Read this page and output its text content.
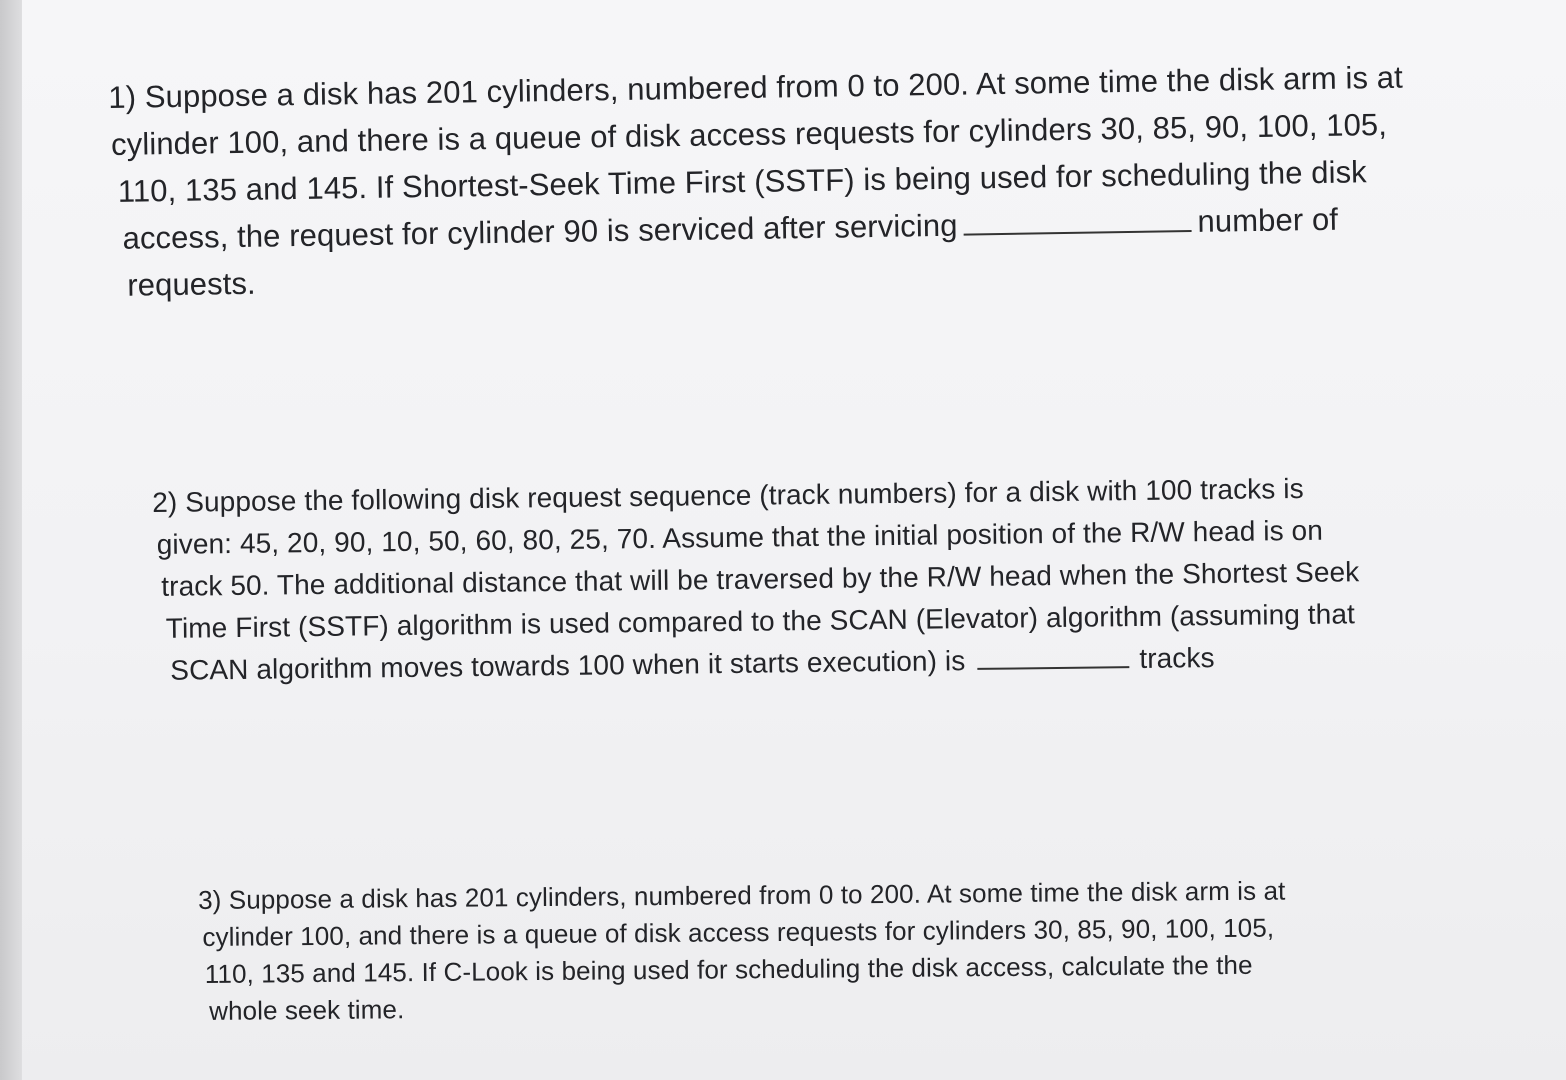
1) Suppose a disk has 201 cylinders, numbered from 0 to 200. At some time the disk arm is at
cylinder 100, and there is a queue of disk access requests for cylinders 30, 85, 90, 100, 105,
110, 135 and 145. If Shortest-Seek Time First (SSTF) is being used for scheduling the disk
access, the request for cylinder 90 is serviced after servicing	number of
requests.
2) Suppose the following disk request sequence (track numbers) for a disk with 100 tracks is
given: 45, 20, 90, 10, 50, 60, 80, 25, 70. Assume that the initial position of the R/W head is on
track 50. The additional distance that will be traversed by the R/W head when the Shortest Seek
Time First (SSTF) algorithm is used compared to the SCAN (Elevator) algorithm (assuming that
SCAN algorithm moves towards 100 when it starts execution) is	tracks
3) Suppose a disk has 201 cylinders, numbered from 0 to 200. At some time the disk arm is at
cylinder 100, and there is a queue of disk access requests for cylinders 30, 85, 90, 100, 105,
110, 135 and 145. If C-Look is being used for scheduling the disk access, calculate the the
whole seek time.
